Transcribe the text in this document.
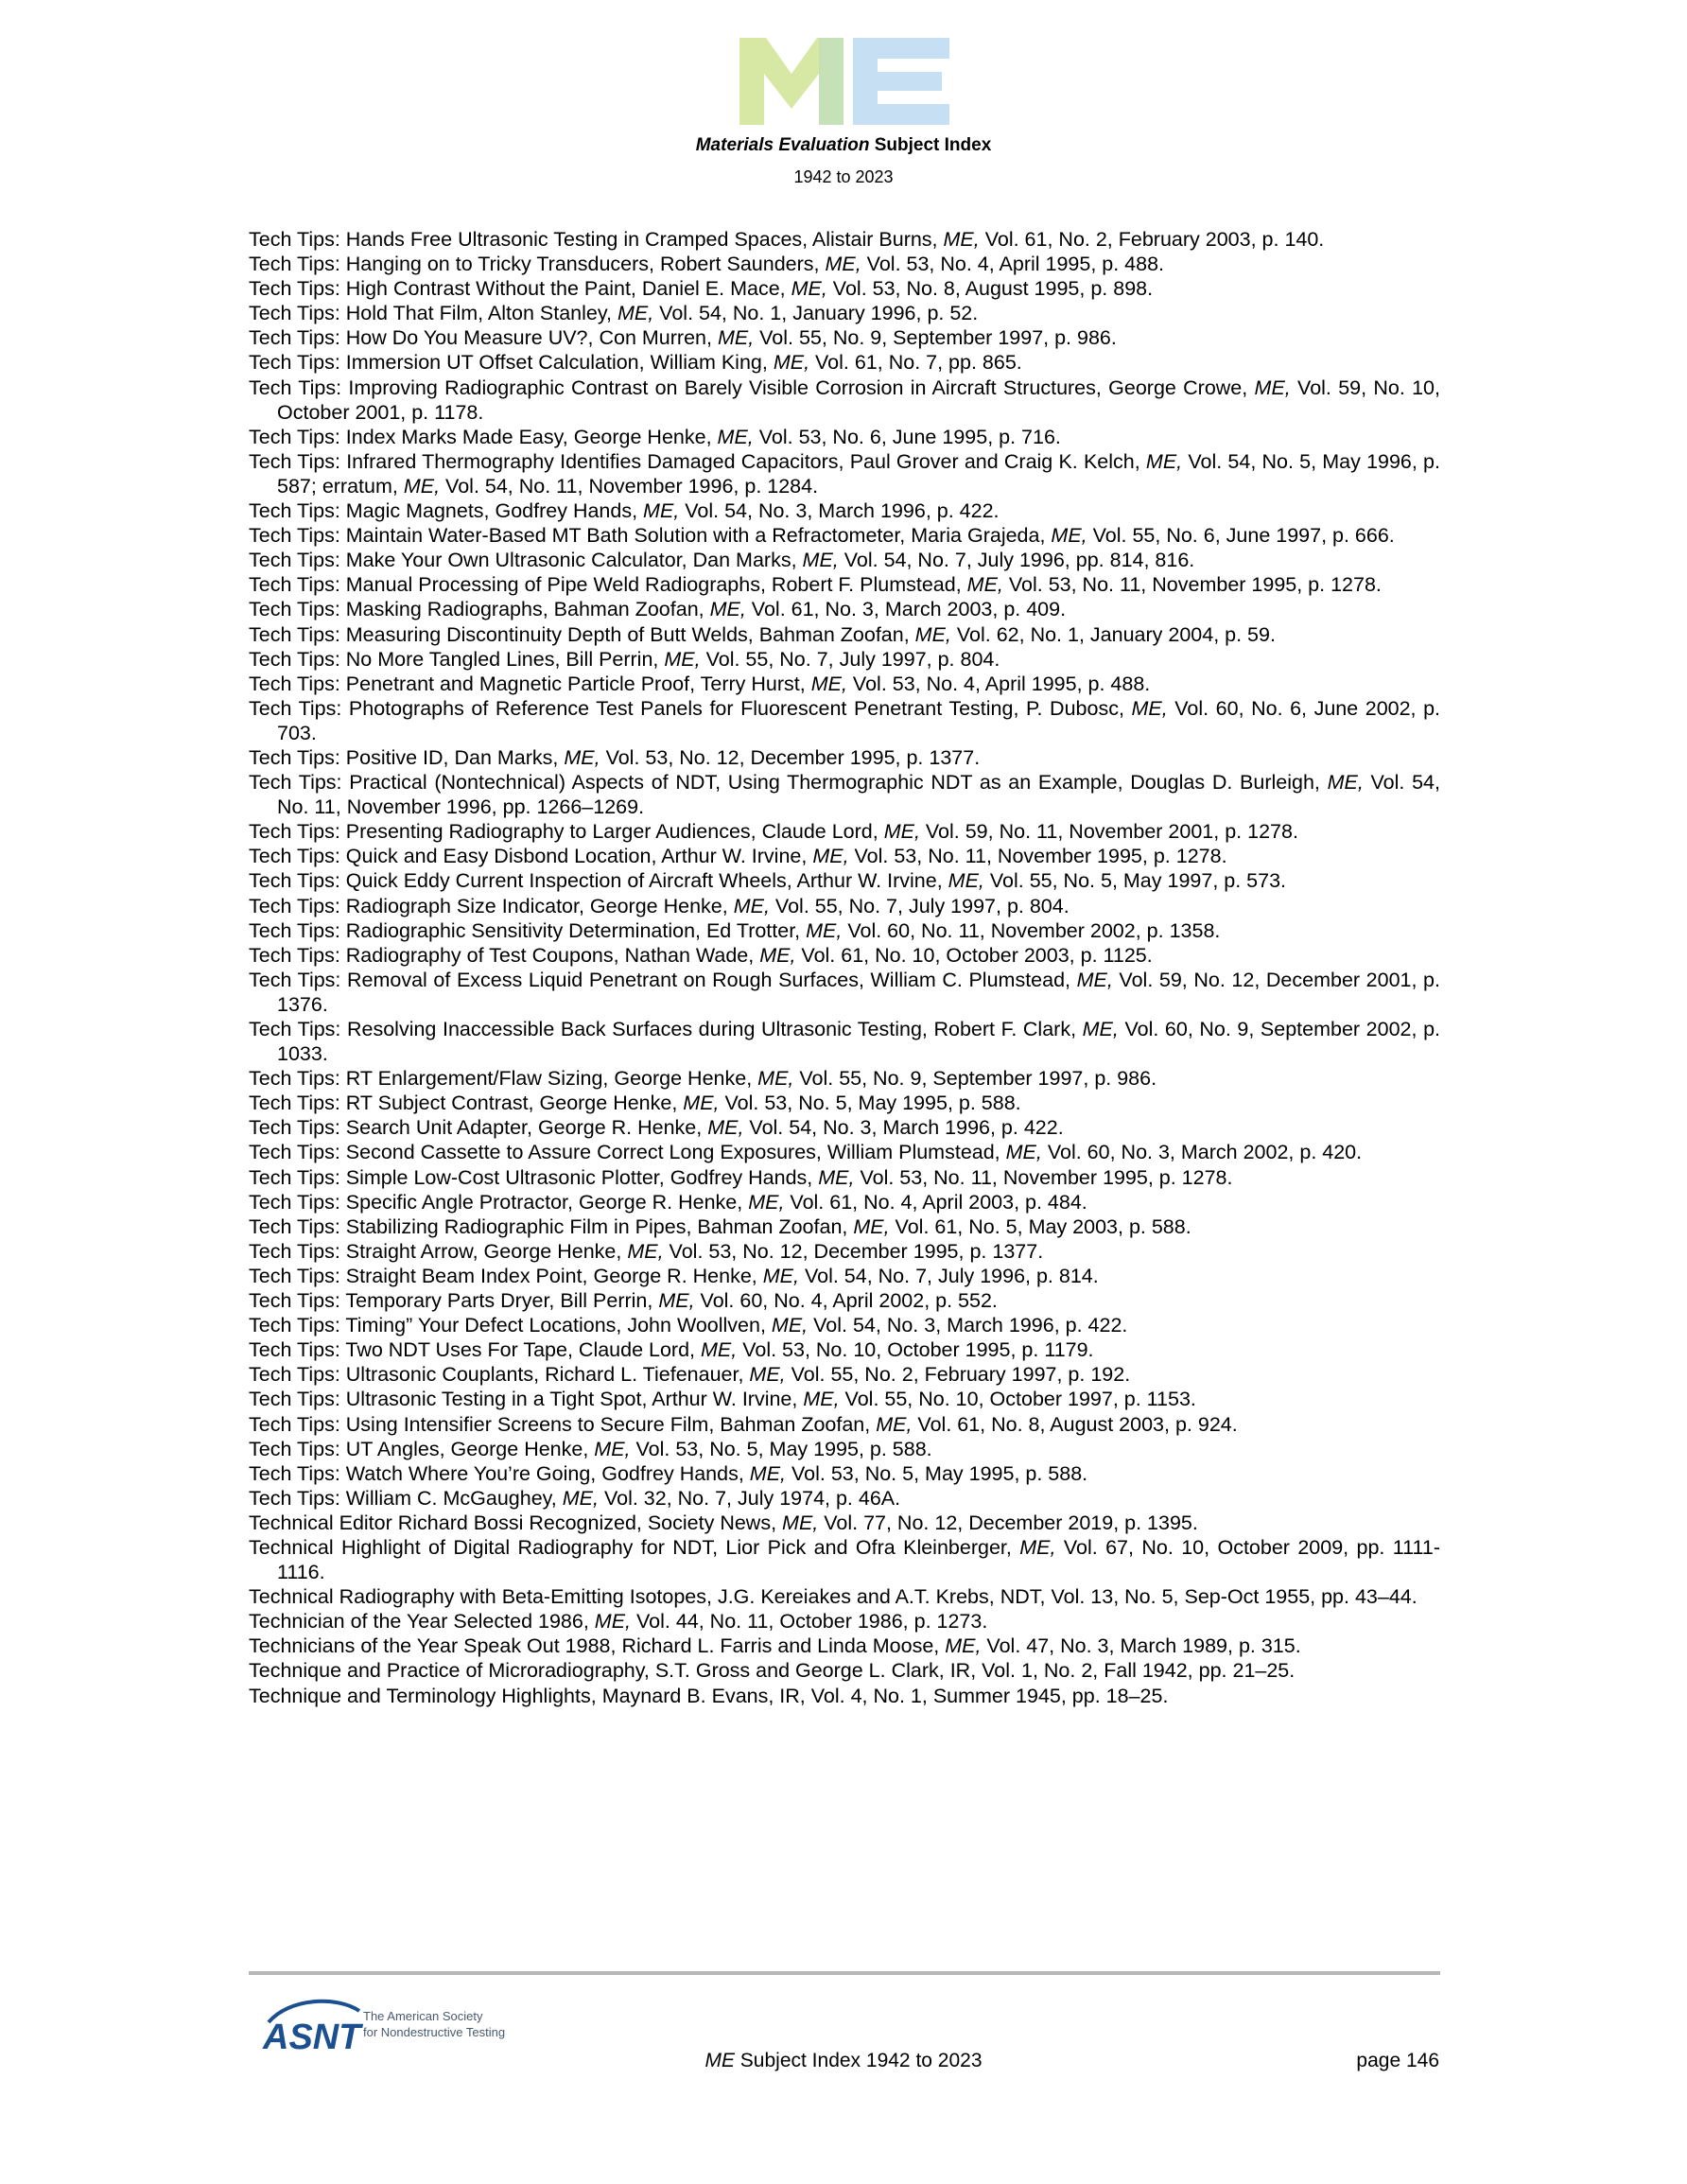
Materials Evaluation Subject Index
1942 to 2023
Tech Tips: Hands Free Ultrasonic Testing in Cramped Spaces, Alistair Burns, ME, Vol. 61, No. 2, February 2003, p. 140.
Tech Tips: Hanging on to Tricky Transducers, Robert Saunders, ME, Vol. 53, No. 4, April 1995, p. 488.
Tech Tips: High Contrast Without the Paint, Daniel E. Mace, ME, Vol. 53, No. 8, August 1995, p. 898.
Tech Tips: Hold That Film, Alton Stanley, ME, Vol. 54, No. 1, January 1996, p. 52.
Tech Tips: How Do You Measure UV?, Con Murren, ME, Vol. 55, No. 9, September 1997, p. 986.
Tech Tips: Immersion UT Offset Calculation, William King, ME, Vol. 61, No. 7, pp. 865.
Tech Tips: Improving Radiographic Contrast on Barely Visible Corrosion in Aircraft Structures, George Crowe, ME, Vol. 59, No. 10, October 2001, p. 1178.
Tech Tips: Index Marks Made Easy, George Henke, ME, Vol. 53, No. 6, June 1995, p. 716.
Tech Tips: Infrared Thermography Identifies Damaged Capacitors, Paul Grover and Craig K. Kelch, ME, Vol. 54, No. 5, May 1996, p. 587; erratum, ME, Vol. 54, No. 11, November 1996, p. 1284.
Tech Tips: Magic Magnets, Godfrey Hands, ME, Vol. 54, No. 3, March 1996, p. 422.
Tech Tips: Maintain Water-Based MT Bath Solution with a Refractometer, Maria Grajeda, ME, Vol. 55, No. 6, June 1997, p. 666.
Tech Tips: Make Your Own Ultrasonic Calculator, Dan Marks, ME, Vol. 54, No. 7, July 1996, pp. 814, 816.
Tech Tips: Manual Processing of Pipe Weld Radiographs, Robert F. Plumstead, ME, Vol. 53, No. 11, November 1995, p. 1278.
Tech Tips: Masking Radiographs, Bahman Zoofan, ME, Vol. 61, No. 3, March 2003, p. 409.
Tech Tips: Measuring Discontinuity Depth of Butt Welds, Bahman Zoofan, ME, Vol. 62, No. 1, January 2004, p. 59.
Tech Tips: No More Tangled Lines, Bill Perrin, ME, Vol. 55, No. 7, July 1997, p. 804.
Tech Tips: Penetrant and Magnetic Particle Proof, Terry Hurst, ME, Vol. 53, No. 4, April 1995, p. 488.
Tech Tips: Photographs of Reference Test Panels for Fluorescent Penetrant Testing, P. Dubosc, ME, Vol. 60, No. 6, June 2002, p. 703.
Tech Tips: Positive ID, Dan Marks, ME, Vol. 53, No. 12, December 1995, p. 1377.
Tech Tips: Practical (Nontechnical) Aspects of NDT, Using Thermographic NDT as an Example, Douglas D. Burleigh, ME, Vol. 54, No. 11, November 1996, pp. 1266–1269.
Tech Tips: Presenting Radiography to Larger Audiences, Claude Lord, ME, Vol. 59, No. 11, November 2001, p. 1278.
Tech Tips: Quick and Easy Disbond Location, Arthur W. Irvine, ME, Vol. 53, No. 11, November 1995, p. 1278.
Tech Tips: Quick Eddy Current Inspection of Aircraft Wheels, Arthur W. Irvine, ME, Vol. 55, No. 5, May 1997, p. 573.
Tech Tips: Radiograph Size Indicator, George Henke, ME, Vol. 55, No. 7, July 1997, p. 804.
Tech Tips: Radiographic Sensitivity Determination, Ed Trotter, ME, Vol. 60, No. 11, November 2002, p. 1358.
Tech Tips: Radiography of Test Coupons, Nathan Wade, ME, Vol. 61, No. 10, October 2003, p. 1125.
Tech Tips: Removal of Excess Liquid Penetrant on Rough Surfaces, William C. Plumstead, ME, Vol. 59, No. 12, December 2001, p. 1376.
Tech Tips: Resolving Inaccessible Back Surfaces during Ultrasonic Testing, Robert F. Clark, ME, Vol. 60, No. 9, September 2002, p. 1033.
Tech Tips: RT Enlargement/Flaw Sizing, George Henke, ME, Vol. 55, No. 9, September 1997, p. 986.
Tech Tips: RT Subject Contrast, George Henke, ME, Vol. 53, No. 5, May 1995, p. 588.
Tech Tips: Search Unit Adapter, George R. Henke, ME, Vol. 54, No. 3, March 1996, p. 422.
Tech Tips: Second Cassette to Assure Correct Long Exposures, William Plumstead, ME, Vol. 60, No. 3, March 2002, p. 420.
Tech Tips: Simple Low-Cost Ultrasonic Plotter, Godfrey Hands, ME, Vol. 53, No. 11, November 1995, p. 1278.
Tech Tips: Specific Angle Protractor, George R. Henke, ME, Vol. 61, No. 4, April 2003, p. 484.
Tech Tips: Stabilizing Radiographic Film in Pipes, Bahman Zoofan, ME, Vol. 61, No. 5, May 2003, p. 588.
Tech Tips: Straight Arrow, George Henke, ME, Vol. 53, No. 12, December 1995, p. 1377.
Tech Tips: Straight Beam Index Point, George R. Henke, ME, Vol. 54, No. 7, July 1996, p. 814.
Tech Tips: Temporary Parts Dryer, Bill Perrin, ME, Vol. 60, No. 4, April 2002, p. 552.
Tech Tips: Timing” Your Defect Locations, John Woollven, ME, Vol. 54, No. 3, March 1996, p. 422.
Tech Tips: Two NDT Uses For Tape, Claude Lord, ME, Vol. 53, No. 10, October 1995, p. 1179.
Tech Tips: Ultrasonic Couplants, Richard L. Tiefenauer, ME, Vol. 55, No. 2, February 1997, p. 192.
Tech Tips: Ultrasonic Testing in a Tight Spot, Arthur W. Irvine, ME, Vol. 55, No. 10, October 1997, p. 1153.
Tech Tips: Using Intensifier Screens to Secure Film, Bahman Zoofan, ME, Vol. 61, No. 8, August 2003, p. 924.
Tech Tips: UT Angles, George Henke, ME, Vol. 53, No. 5, May 1995, p. 588.
Tech Tips: Watch Where You’re Going, Godfrey Hands, ME, Vol. 53, No. 5, May 1995, p. 588.
Tech Tips: William C. McGaughey, ME, Vol. 32, No. 7, July 1974, p. 46A.
Technical Editor Richard Bossi Recognized, Society News, ME, Vol. 77, No. 12, December 2019, p. 1395.
Technical Highlight of Digital Radiography for NDT, Lior Pick and Ofra Kleinberger, ME, Vol. 67, No. 10, October 2009, pp. 1111-1116.
Technical Radiography with Beta-Emitting Isotopes, J.G. Kereiakes and A.T. Krebs, NDT, Vol. 13, No. 5, Sep-Oct 1955, pp. 43–44.
Technician of the Year Selected 1986, ME, Vol. 44, No. 11, October 1986, p. 1273.
Technicians of the Year Speak Out 1988, Richard L. Farris and Linda Moose, ME, Vol. 47, No. 3, March 1989, p. 315.
Technique and Practice of Microradiography, S.T. Gross and George L. Clark, IR, Vol. 1, No. 2, Fall 1942, pp. 21–25.
Technique and Terminology Highlights, Maynard B. Evans, IR, Vol. 4, No. 1, Summer 1945, pp. 18–25.
ASNT
The American Society
for Nondestructive Testing
ME Subject Index 1942 to 2023	page 146
